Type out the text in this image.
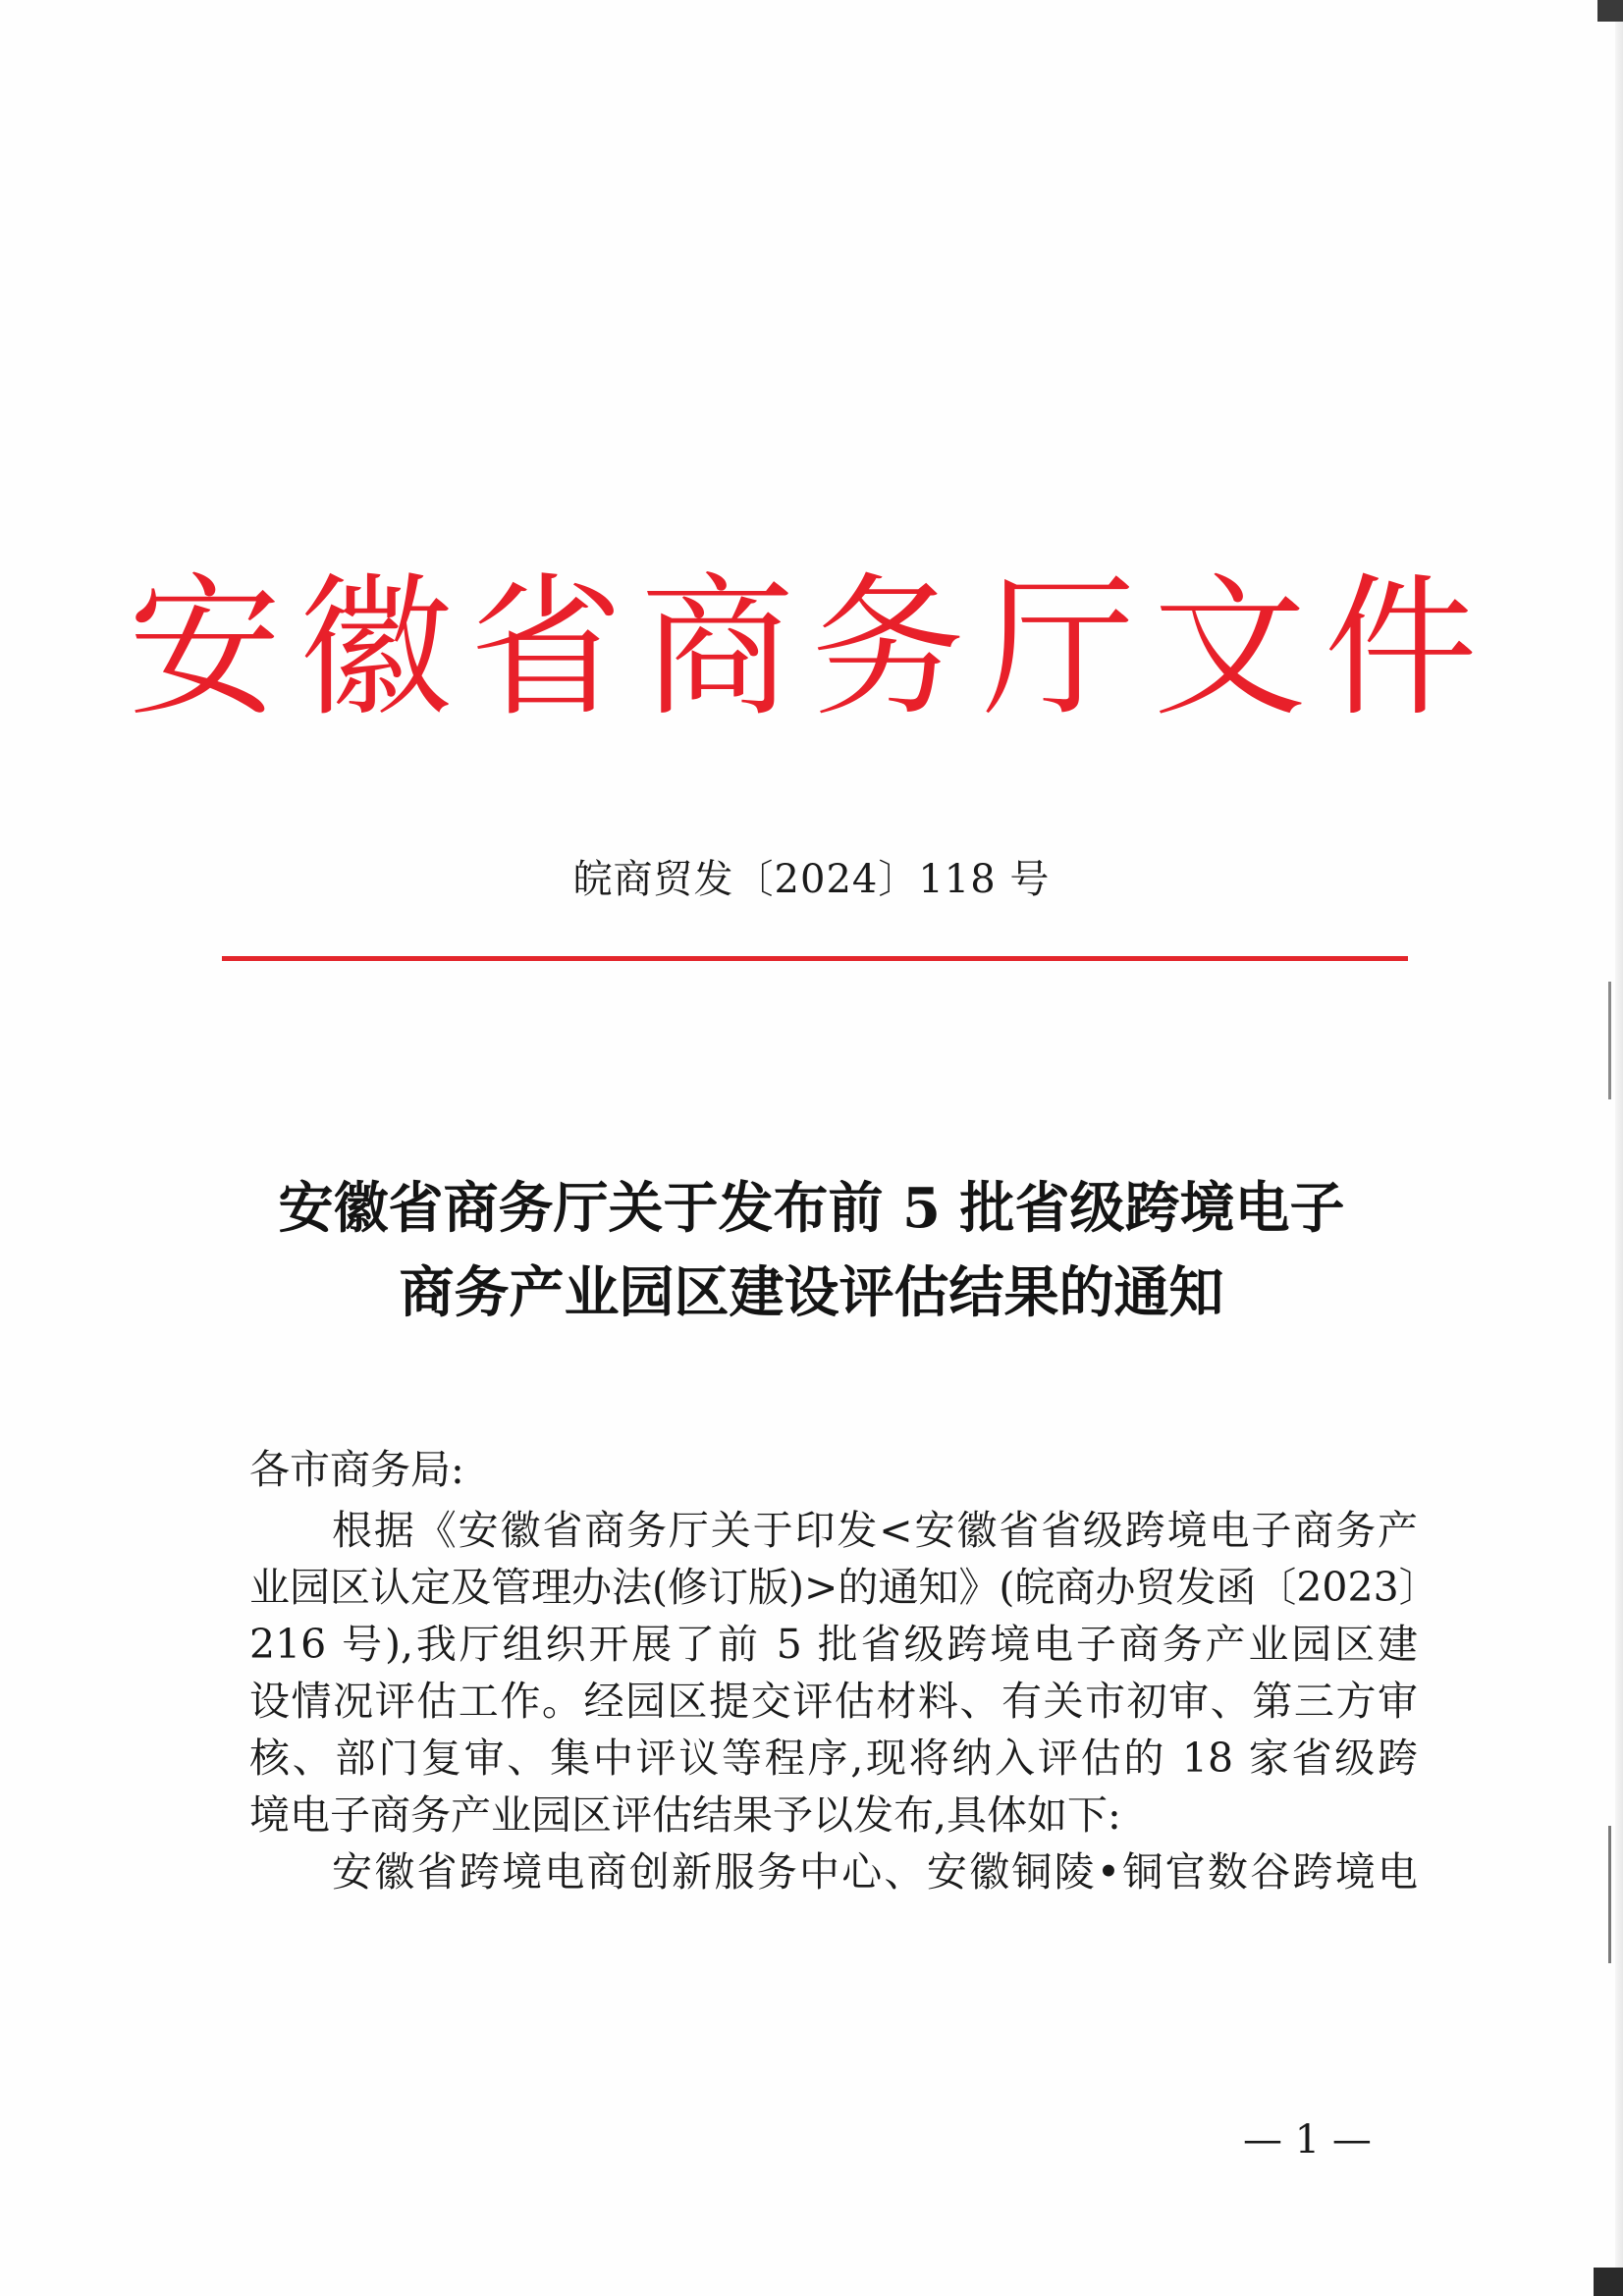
安徽省商务厅文件
皖商贸发〔2024〕118 号
安徽省商务厅关于发布前 5 批省级跨境电子
商务产业园区建设评估结果的通知
各市商务局:
根据《安徽省商务厅关于印发<安徽省省级跨境电子商务产
业园区认定及管理办法(修订版)>的通知》(皖商办贸发函〔2023〕
216 号),我厅组织开展了前 5 批省级跨境电子商务产业园区建
设情况评估工作。经园区提交评估材料、有关市初审、第三方审
核、部门复审、集中评议等程序,现将纳入评估的 18 家省级跨
境电子商务产业园区评估结果予以发布,具体如下:
安徽省跨境电商创新服务中心、安徽铜陵•铜官数谷跨境电
— 1 —
